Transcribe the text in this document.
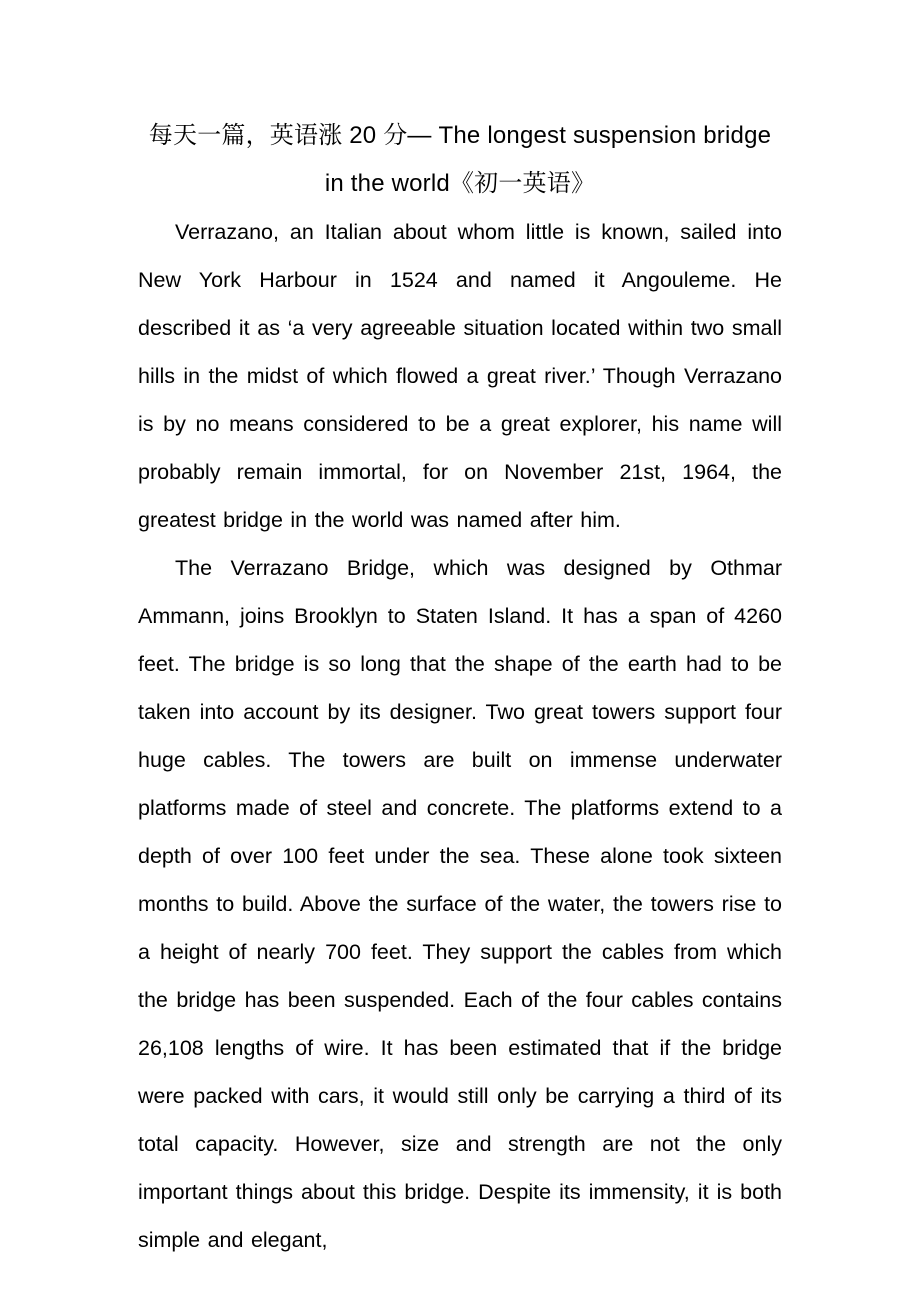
每天一篇，英语涨 20 分— The longest suspension bridge in the world《初一英语》

Verrazano, an Italian about whom little is known, sailed into New York Harbour in 1524 and named it Angouleme. He described it as ‘a very agreeable situation located within two small hills in the midst of which flowed a great river.’ Though Verrazano is by no means considered to be a great explorer, his name will probably remain immortal, for on November 21st, 1964, the greatest bridge in the world was named after him.

The Verrazano Bridge, which was designed by Othmar Ammann, joins Brooklyn to Staten Island. It has a span of 4260 feet. The bridge is so long that the shape of the earth had to be taken into account by its designer. Two great towers support four huge cables. The towers are built on immense underwater platforms made of steel and concrete. The platforms extend to a depth of over 100 feet under the sea. These alone took sixteen months to build. Above the surface of the water, the towers rise to a height of nearly 700 feet. They support the cables from which the bridge has been suspended. Each of the four cables contains 26,108 lengths of wire. It has been estimated that if the bridge were packed with cars, it would still only be carrying a third of its total capacity. However, size and strength are not the only important things about this bridge. Despite its immensity, it is both simple and elegant,
